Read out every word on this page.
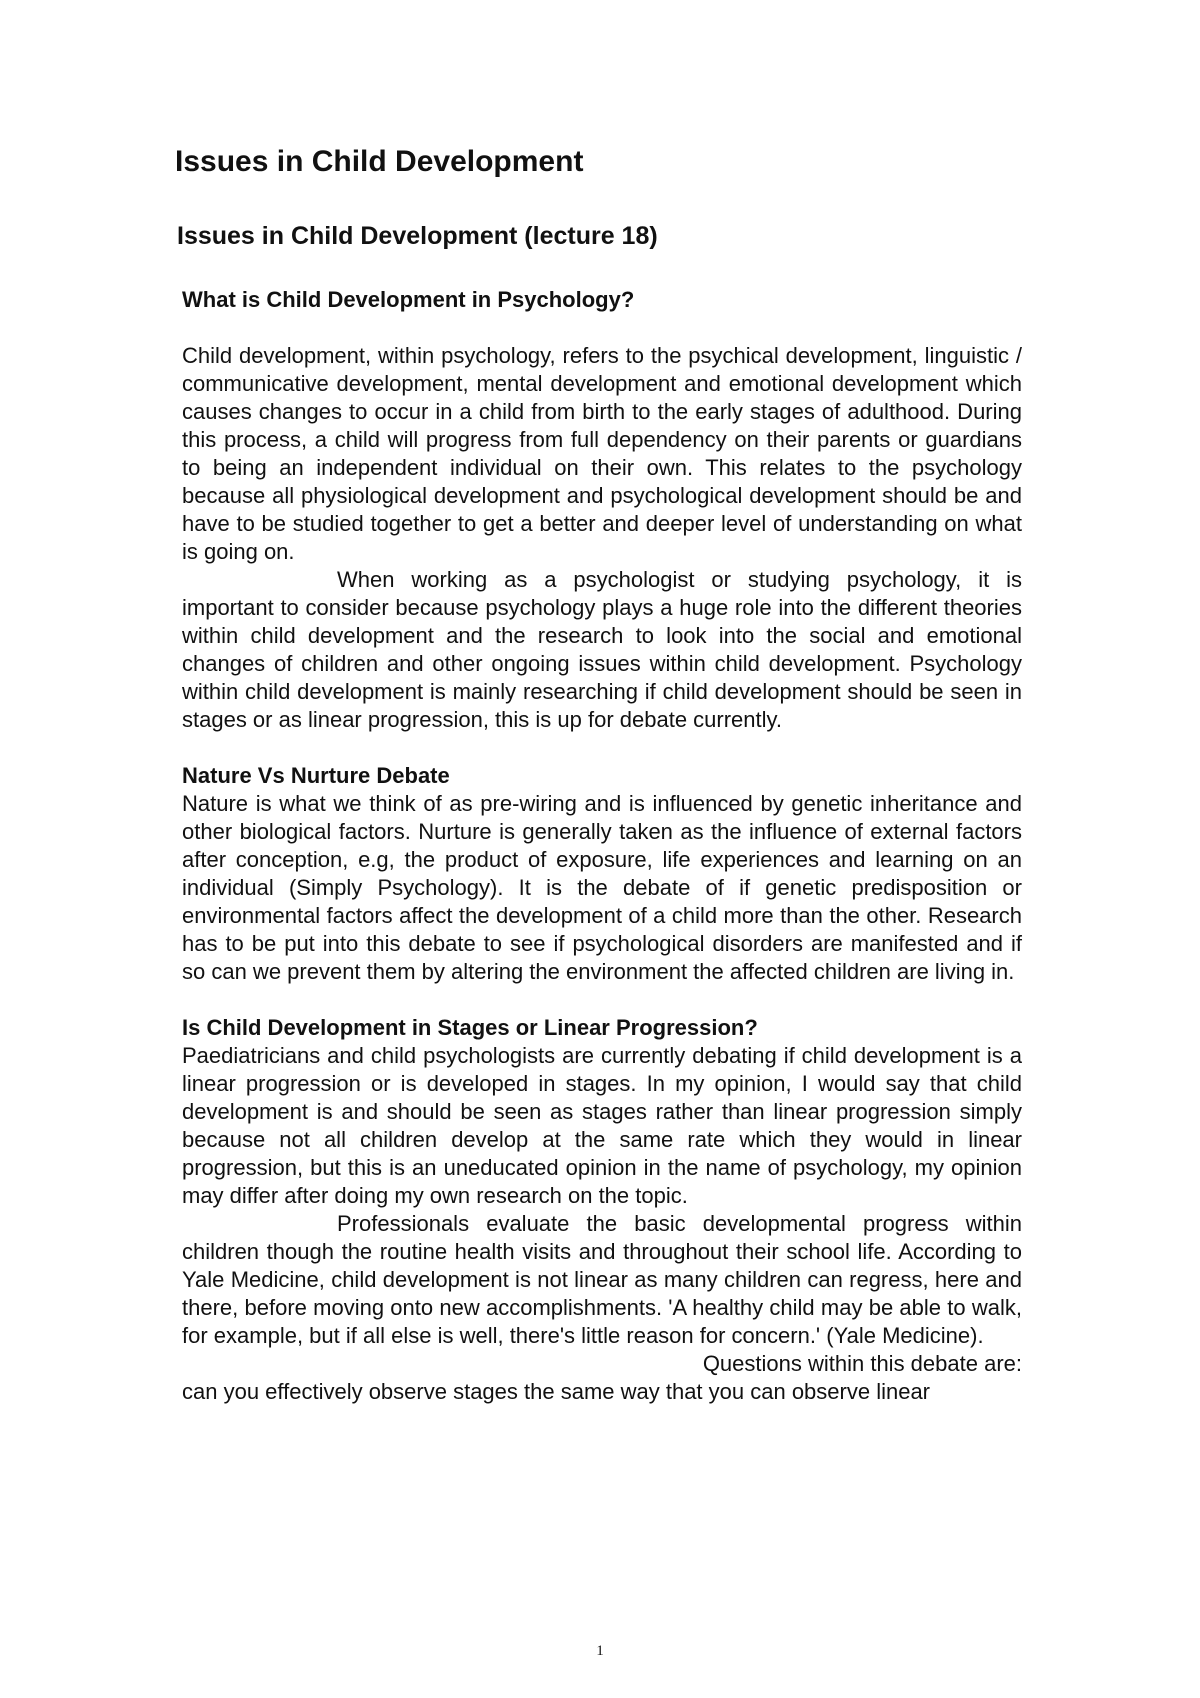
Issues in Child Development
Issues in Child Development (lecture 18)
What is Child Development in Psychology?

Child development, within psychology, refers to the psychical development, linguistic / communicative development, mental development and emotional development which causes changes to occur in a child from birth to the early stages of adulthood. During this process, a child will progress from full dependency on their parents or guardians to being an independent individual on their own. This relates to the psychology because all physiological development and psychological development should be and have to be studied together to get a better and deeper level of understanding on what is going on.

When working as a psychologist or studying psychology, it is important to consider because psychology plays a huge role into the different theories within child development and the research to look into the social and emotional changes of children and other ongoing issues within child development. Psychology within child development is mainly researching if child development should be seen in stages or as linear progression, this is up for debate currently.

Nature Vs Nurture Debate

Nature is what we think of as pre-wiring and is influenced by genetic inheritance and other biological factors. Nurture is generally taken as the influence of external factors after conception, e.g, the product of exposure, life experiences and learning on an individual (Simply Psychology). It is the debate of if genetic predisposition or environmental factors affect the development of a child more than the other. Research has to be put into this debate to see if psychological disorders are manifested and if so can we prevent them by altering the environment the affected children are living in.

Is Child Development in Stages or Linear Progression?

Paediatricians and child psychologists are currently debating if child development is a linear progression or is developed in stages. In my opinion, I would say that child development is and should be seen as stages rather than linear progression simply because not all children develop at the same rate which they would in linear progression, but this is an uneducated opinion in the name of psychology, my opinion may differ after doing my own research on the topic.

Professionals evaluate the basic developmental progress within children though the routine health visits and throughout their school life. According to Yale Medicine, child development is not linear as many children can regress, here and there, before moving onto new accomplishments. 'A healthy child may be able to walk, for example, but if all else is well, there's little reason for concern.' (Yale Medicine).

Questions within this debate are:

can you effectively observe stages the same way that you can observe linear

1
